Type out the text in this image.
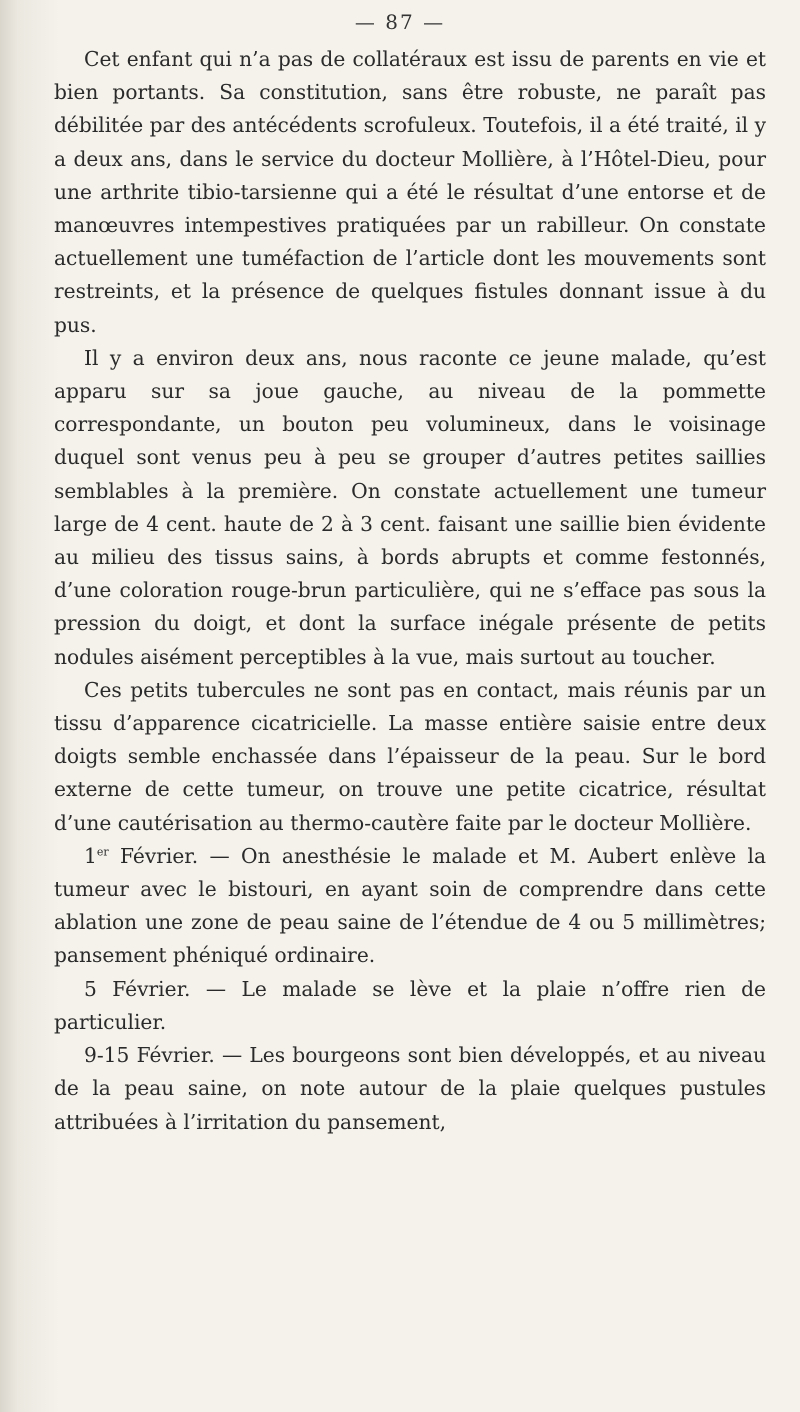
— 87 —

Cet enfant qui n’a pas de collatéraux est issu de parents en vie et bien portants. Sa constitution, sans être robuste, ne paraît pas débilitée par des antécédents scrofuleux. Toutefois, il a été traité, il y a deux ans, dans le service du docteur Mollière, à l’Hôtel-Dieu, pour une arthrite tibio-tarsienne qui a été le résultat d’une entorse et de manœuvres intempestives pratiquées par un rabilleur. On constate actuellement une tuméfaction de l’article dont les mouvements sont restreints, et la présence de quelques fistules donnant issue à du pus.

Il y a environ deux ans, nous raconte ce jeune malade, qu’est apparu sur sa joue gauche, au niveau de la pommette correspondante, un bouton peu volumineux, dans le voisinage duquel sont venus peu à peu se grouper d’autres petites saillies semblables à la première. On constate actuellement une tumeur large de 4 cent. haute de 2 à 3 cent. faisant une saillie bien évidente au milieu des tissus sains, à bords abrupts et comme festonnés, d’une coloration rouge-brun particulière, qui ne s’efface pas sous la pression du doigt, et dont la surface inégale présente de petits nodules aisément perceptibles à la vue, mais surtout au toucher.

Ces petits tubercules ne sont pas en contact, mais réunis par un tissu d’apparence cicatricielle. La masse entière saisie entre deux doigts semble enchassée dans l’épaisseur de la peau. Sur le bord externe de cette tumeur, on trouve une petite cicatrice, résultat d’une cautérisation au thermo-cautère faite par le docteur Mollière.

1er Février. — On anesthésie le malade et M. Aubert enlève la tumeur avec le bistouri, en ayant soin de comprendre dans cette ablation une zone de peau saine de l’étendue de 4 ou 5 millimètres; pansement phéniqué ordinaire.

5 Février. — Le malade se lève et la plaie n’offre rien de particulier.

9-15 Février. — Les bourgeons sont bien développés, et au niveau de la peau saine, on note autour de la plaie quelques pustules attribuées à l’irritation du pansement,
